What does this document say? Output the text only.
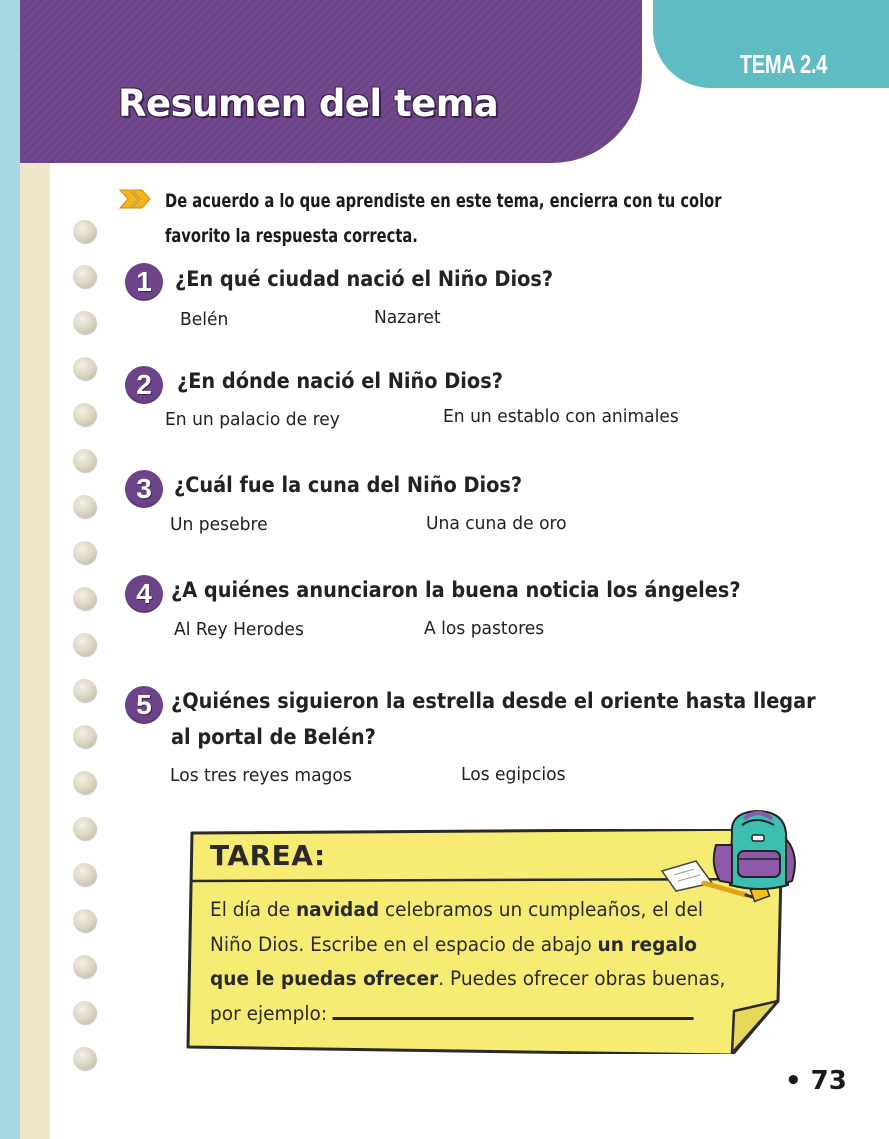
Resumen del tema
TEMA 2.4

De acuerdo a lo que aprendiste en este tema, encierra con tu color
favorito la respuesta correcta.

1	¿En qué ciudad nació el Niño Dios?
Belén	Nazaret
2	¿En dónde nació el Niño Dios?
En un palacio de rey	En un establo con animales
3	¿Cuál fue la cuna del Niño Dios?
Un pesebre	Una cuna de oro
4 ¿A quiénes anunciaron la buena noticia los ángeles?
Al Rey Herodes	A los pastores
5 ¿Quiénes siguieron la estrella desde el oriente hasta llegar
al portal de Belén?
Los tres reyes magos	Los egipcios
TAREA:
El día de navidad celebramos un cumpleaños, el del
Niño Dios. Escribe en el espacio de abajo un regalo
que le puedas ofrecer. Puedes ofrecer obras buenas,
por ejemplo:
• 73
